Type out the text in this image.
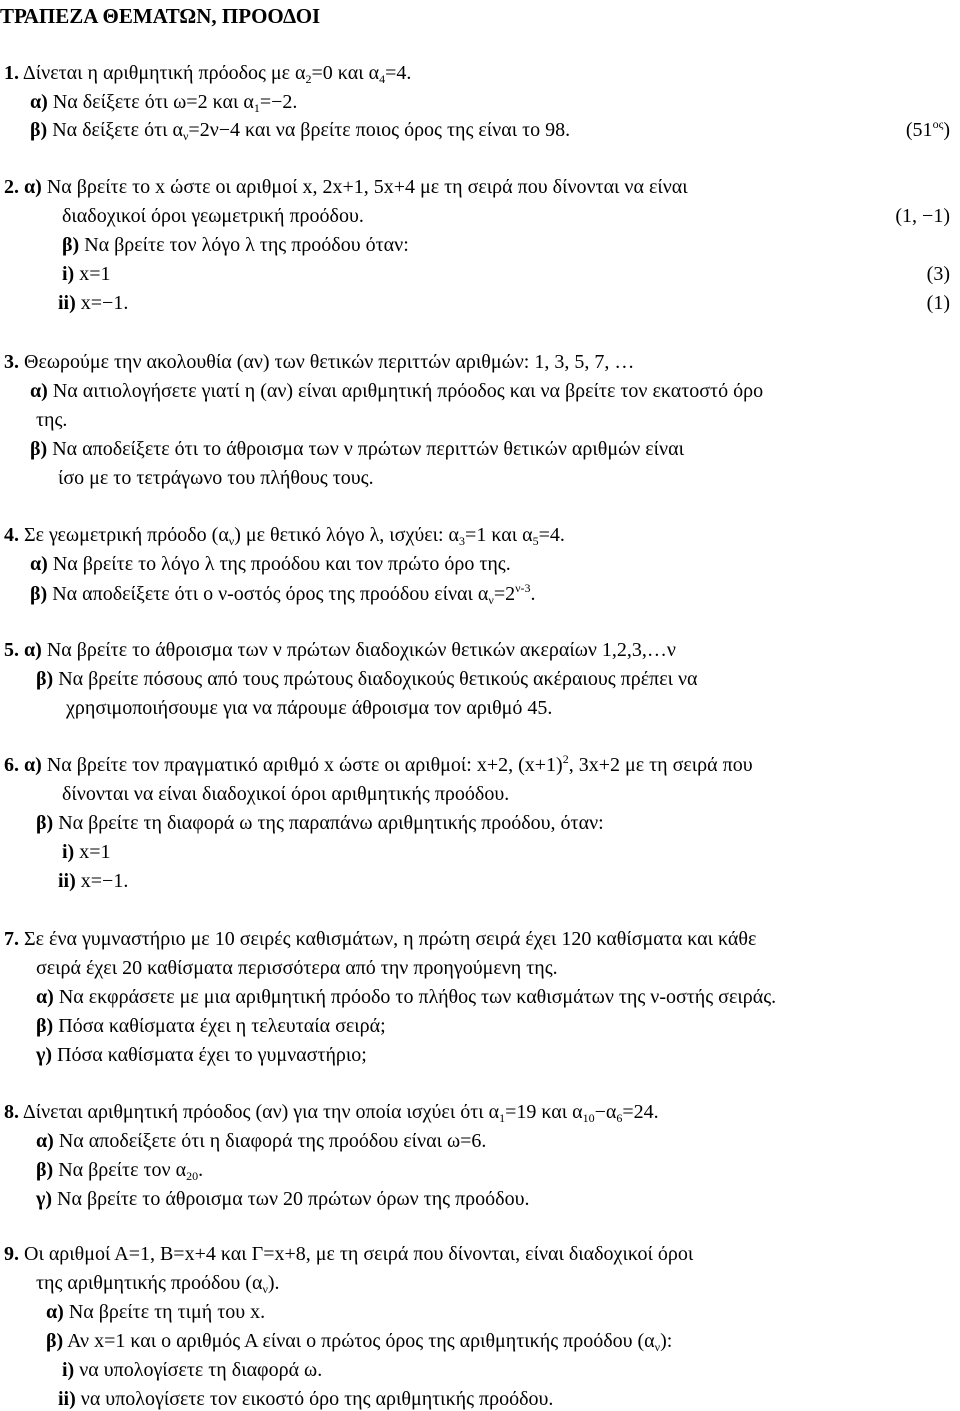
ΤΡΑΠΕΖΑ ΘΕΜΑΤΩΝ, ΠΡΟΟΔΟΙ
1. Δίνεται η αριθμητική πρόοδος με $\alpha_2=0$ και $\alpha_4=4$.
α) Να δείξετε ότι ω=2 και $\alpha_1=-2$.
β) Να δείξετε ότι $\alpha_\nu=2\nu-4$ και να βρείτε ποιος όρος της είναι το 98.	$(51^{o\varsigma})$
2. α) Να βρείτε το x ώστε οι αριθμοί x, 2x+1, 5x+4 με τη σειρά που δίνονται να είναι
διαδοχικοί όροι γεωμετρική προόδου.	(1, −1)
β) Να βρείτε τον λόγο λ της προόδου όταν:
i) x=1	(3)
ii) x=−1.	(1)
3. Θεωρούμε την ακολουθία (αν) των θετικών περιττών αριθμών: 1, 3, 5, 7, …
α) Να αιτιολογήσετε γιατί η (αν) είναι αριθμητική πρόοδος και να βρείτε τον εκατοστό όρο
της.
β) Να αποδείξετε ότι το άθροισμα των ν πρώτων περιττών θετικών αριθμών είναι
ίσο με το τετράγωνο του πλήθους τους.
4. Σε γεωμετρική πρόοδο $(\alpha_\nu)$ με θετικό λόγο λ, ισχύει: $\alpha_3=1$ και $\alpha_5=4$.
α) Να βρείτε το λόγο λ της προόδου και τον πρώτο όρο της.
β) Να αποδείξετε ότι ο ν-οστός όρος της προόδου είναι $\alpha_\nu=2^{\nu-3}$.
5. α) Να βρείτε το άθροισμα των ν πρώτων διαδοχικών θετικών ακεραίων 1,2,3,…ν
β) Να βρείτε πόσους από τους πρώτους διαδοχικούς θετικούς ακέραιους πρέπει να
χρησιμοποιήσουμε για να πάρουμε άθροισμα τον αριθμό 45.
6. α) Να βρείτε τον πραγματικό αριθμό x ώστε οι αριθμοί: x+2, $(x+1)^2$, 3x+2 με τη σειρά που
δίνονται να είναι διαδοχικοί όροι αριθμητικής προόδου.
β) Να βρείτε τη διαφορά ω της παραπάνω αριθμητικής προόδου, όταν:
i) x=1
ii) x=−1.
7. Σε ένα γυμναστήριο με 10 σειρές καθισμάτων, η πρώτη σειρά έχει 120 καθίσματα και κάθε
σειρά έχει 20 καθίσματα περισσότερα από την προηγούμενη της.
α) Να εκφράσετε με μια αριθμητική πρόοδο το πλήθος των καθισμάτων της ν-οστής σειράς.
β) Πόσα καθίσματα έχει η τελευταία σειρά;
γ) Πόσα καθίσματα έχει το γυμναστήριο;
8. Δίνεται αριθμητική πρόοδος (αν) για την οποία ισχύει ότι $\alpha_1=19$ και $\alpha_{10}-\alpha_6=24$.
α) Να αποδείξετε ότι η διαφορά της προόδου είναι ω=6.
β) Να βρείτε τον $\alpha_{20}$.
γ) Να βρείτε το άθροισμα των 20 πρώτων όρων της προόδου.
9. Οι αριθμοί Α=1, Β=x+4 και Γ=x+8, με τη σειρά που δίνονται, είναι διαδοχικοί όροι
της αριθμητικής προόδου $(\alpha_\nu)$.
α) Να βρείτε τη τιμή του x.
β) Αν x=1 και ο αριθμός Α είναι ο πρώτος όρος της αριθμητικής προόδου $(\alpha_\nu)$:
i) να υπολογίσετε τη διαφορά ω.
ii) να υπολογίσετε τον εικοστό όρο της αριθμητικής προόδου.
